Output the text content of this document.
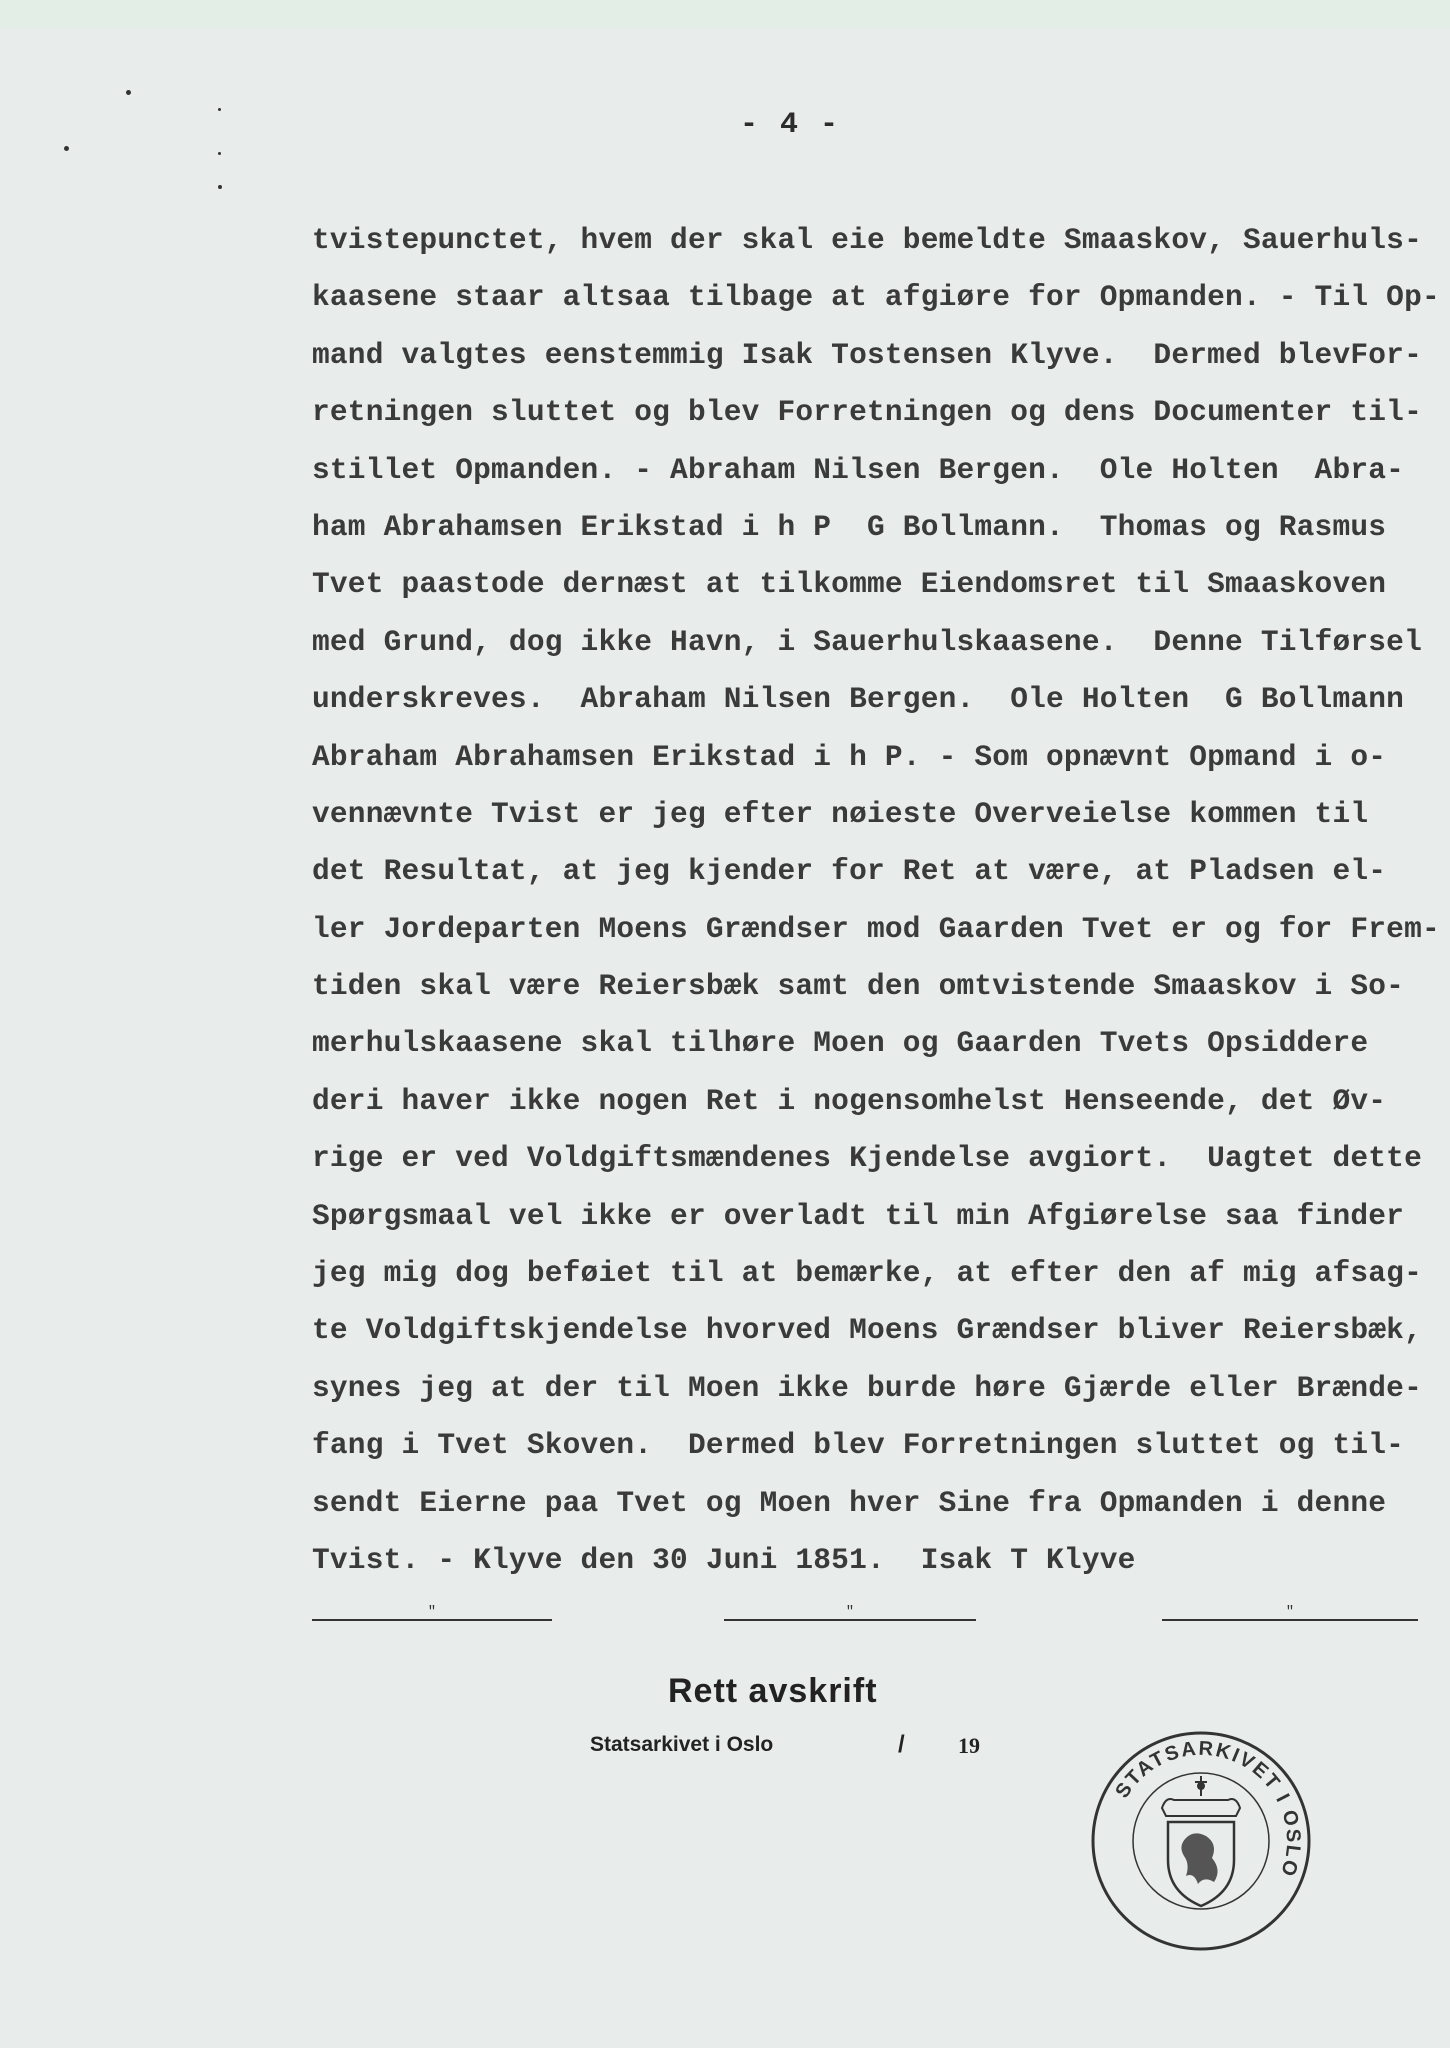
- 4 -
tvistepunctet, hvem der skal eie bemeldte Smaaskov, Sauerhuls-
kaasene staar altsaa tilbage at afgiøre for Opmanden. - Til Op-
mand valgtes eenstemmig Isak Tostensen Klyve.  Dermed blevFor-
retningen sluttet og blev Forretningen og dens Documenter til-
stillet Opmanden. - Abraham Nilsen Bergen.  Ole Holten  Abra-
ham Abrahamsen Erikstad i h P  G Bollmann.  Thomas og Rasmus
Tvet paastode dernæst at tilkomme Eiendomsret til Smaaskoven
med Grund, dog ikke Havn, i Sauerhulskaasene.  Denne Tilførsel
underskreves.  Abraham Nilsen Bergen.  Ole Holten  G Bollmann
Abraham Abrahamsen Erikstad i h P. - Som opnævnt Opmand i o-
vennævnte Tvist er jeg efter nøieste Overveielse kommen til
det Resultat, at jeg kjender for Ret at være, at Pladsen el-
ler Jordeparten Moens Grændser mod Gaarden Tvet er og for Frem-
tiden skal være Reiersbæk samt den omtvistende Smaaskov i So-
merhulskaasene skal tilhøre Moen og Gaarden Tvets Opsiddere
deri haver ikke nogen Ret i nogensomhelst Henseende, det Øv-
rige er ved Voldgiftsmændenes Kjendelse avgiort.  Uagtet dette
Spørgsmaal vel ikke er overladt til min Afgiørelse saa finder
jeg mig dog beføiet til at bemærke, at efter den af mig afsag-
te Voldgiftskjendelse hvorved Moens Grændser bliver Reiersbæk,
synes jeg at der til Moen ikke burde høre Gjærde eller Brænde-
fang i Tvet Skoven.  Dermed blev Forretningen sluttet og til-
sendt Eierne paa Tvet og Moen hver Sine fra Opmanden i denne
Tvist. - Klyve den 30 Juni 1851.  Isak T Klyve
"	"	"
Rett avskrift
Statsarkivet i Oslo	/ 19
STATSARKIVET I OSLO
